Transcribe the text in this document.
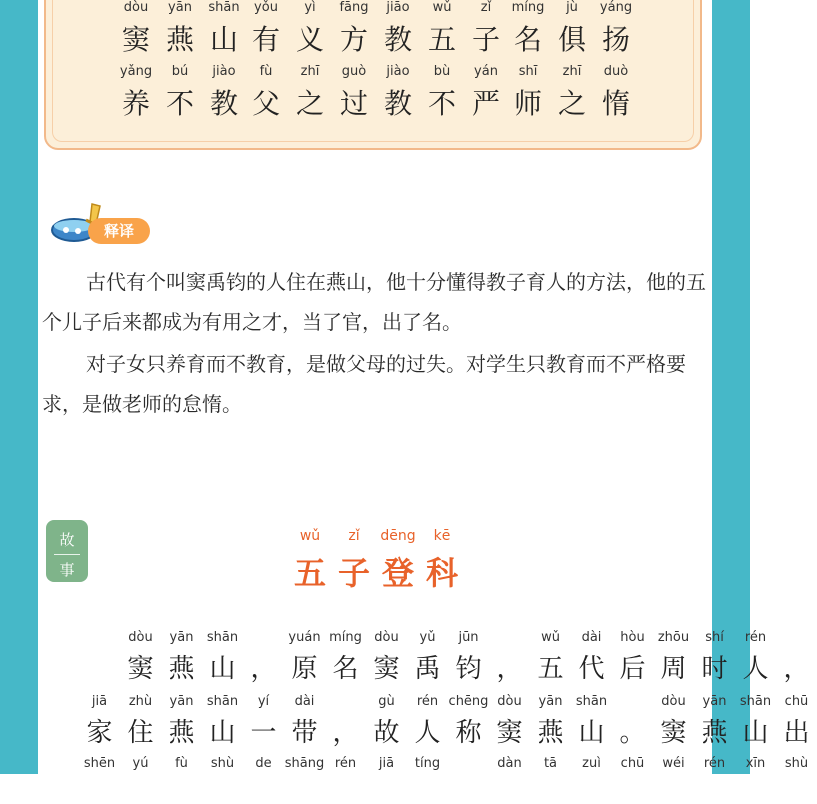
dòu yān shān
窦 燕 山
yǒu yì fāng
有 义 方
jiāo wǔ zǐ
教 五 子
míng jù yáng
名 俱 扬
yǎng bú jiào
养 不 教
fù zhī guò
父 之 过
jiào bù yán
教 不 严
shī zhī duò
师 之 惰
释译

古代有个叫窦禹钧的人住在燕山，他十分懂得教子育人的方法，他的五个儿子后来都成为有用之才，当了官，出了名。

对子女只养育而不教育，是做父母的过失。对学生只教育而不严格要求，是做老师的怠惰。

故
事
wǔ zǐ dēng kē
五 子 登 科
dòu yān shān	yuán míng dòu yǔ jūn	wǔ dài hòu zhōu shí rén
窦 燕 山 ， 原 名 窦 禹 钧 ， 五 代 后 周 时 人 ，
jiā zhù yān shān yí dài	gù rén chēng dòu yān shān	dòu yān shān chū
家 住 燕 山 一 带 ， 故 人 称 窦 燕 山 。 窦 燕 山 出
shēn yú fù shù de shāng rén jiā tíng	dàn tā zuì chū wéi rén xīn shù
